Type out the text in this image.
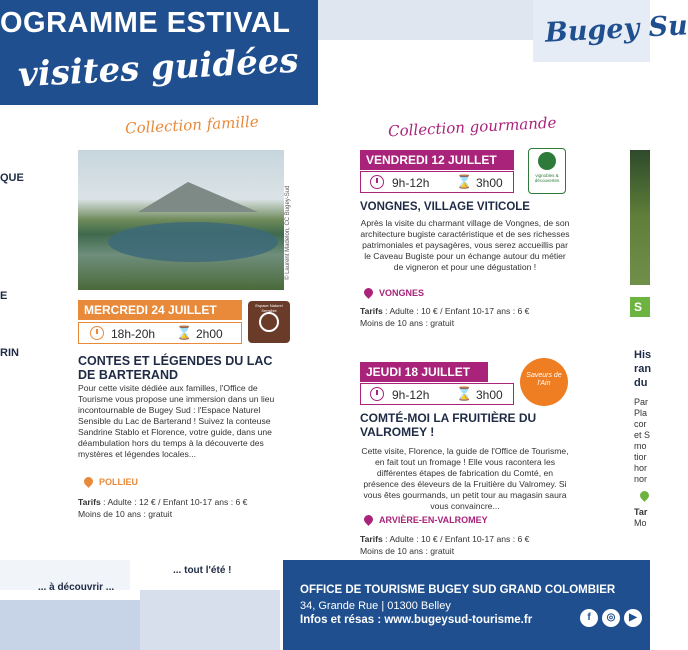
OGRAMME ESTIVAL
visites guidées
Bugey Su
QUE
E
RIN
Collection famille	Collection gourmande
© Laurent Madelon, CC Bugey-Sud
MERCREDI 24 JUILLET
18h-20h ⌛ 2h00
Espace Naturel Sensible
CONTES ET LÉGENDES DU LAC DE BARTERAND
Pour cette visite dédiée aux familles, l'Office de Tourisme vous propose une immersion dans un lieu incontournable de Bugey Sud : l'Espace Naturel Sensible du Lac de Barterand ! Suivez la conteuse Sandrine Stablo et Florence, votre guide, dans une déambulation hors du temps à la découverte des mystères et légendes locales...
POLLIEU
Tarifs : Adulte : 12 € / Enfant 10-17 ans : 6 €
Moins de 10 ans : gratuit
VENDREDI 12 JUILLET
9h-12h ⌛ 3h00
vignobles & découvertes
VONGNES, VILLAGE VITICOLE
Après la visite du charmant village de Vongnes, de son architecture bugiste caractéristique et de ses richesses patrimoniales et paysagères, vous serez accueillis par le Caveau Bugiste pour un échange autour du métier de vigneron et pour une dégustation !
VONGNES
Tarifs : Adulte : 10 € / Enfant 10-17 ans : 6 €
Moins de 10 ans : gratuit
JEUDI 18 JUILLET
9h-12h ⌛ 3h00
Saveurs de l'Ain
COMTÉ-MOI LA FRUITIÈRE DU VALROMEY !
Cette visite, Florence, la guide de l'Office de Tourisme, en fait tout un fromage ! Elle vous racontera les différentes étapes de fabrication du Comté, en présence des éleveurs de la Fruitière du Valromey. Si vous êtes gourmands, un petit tour au magasin saura vous convaincre...
ARVIÈRE-EN-VALROMEY
Tarifs : Adulte : 10 € / Enfant 10-17 ans : 6 €
Moins de 10 ans : gratuit
S
His
ran
du
Par
Pla
cor
et S
mo
tior
hor
nor
Tar
Mo
... tout l'été !
... à découvrir ...	OFFICE DE TOURISME BUGEY SUD GRAND COLOMBIER
34, Grande Rue | 01300 Belley
Infos et résas : www.bugeysud-tourisme.fr	f	◎	▶
